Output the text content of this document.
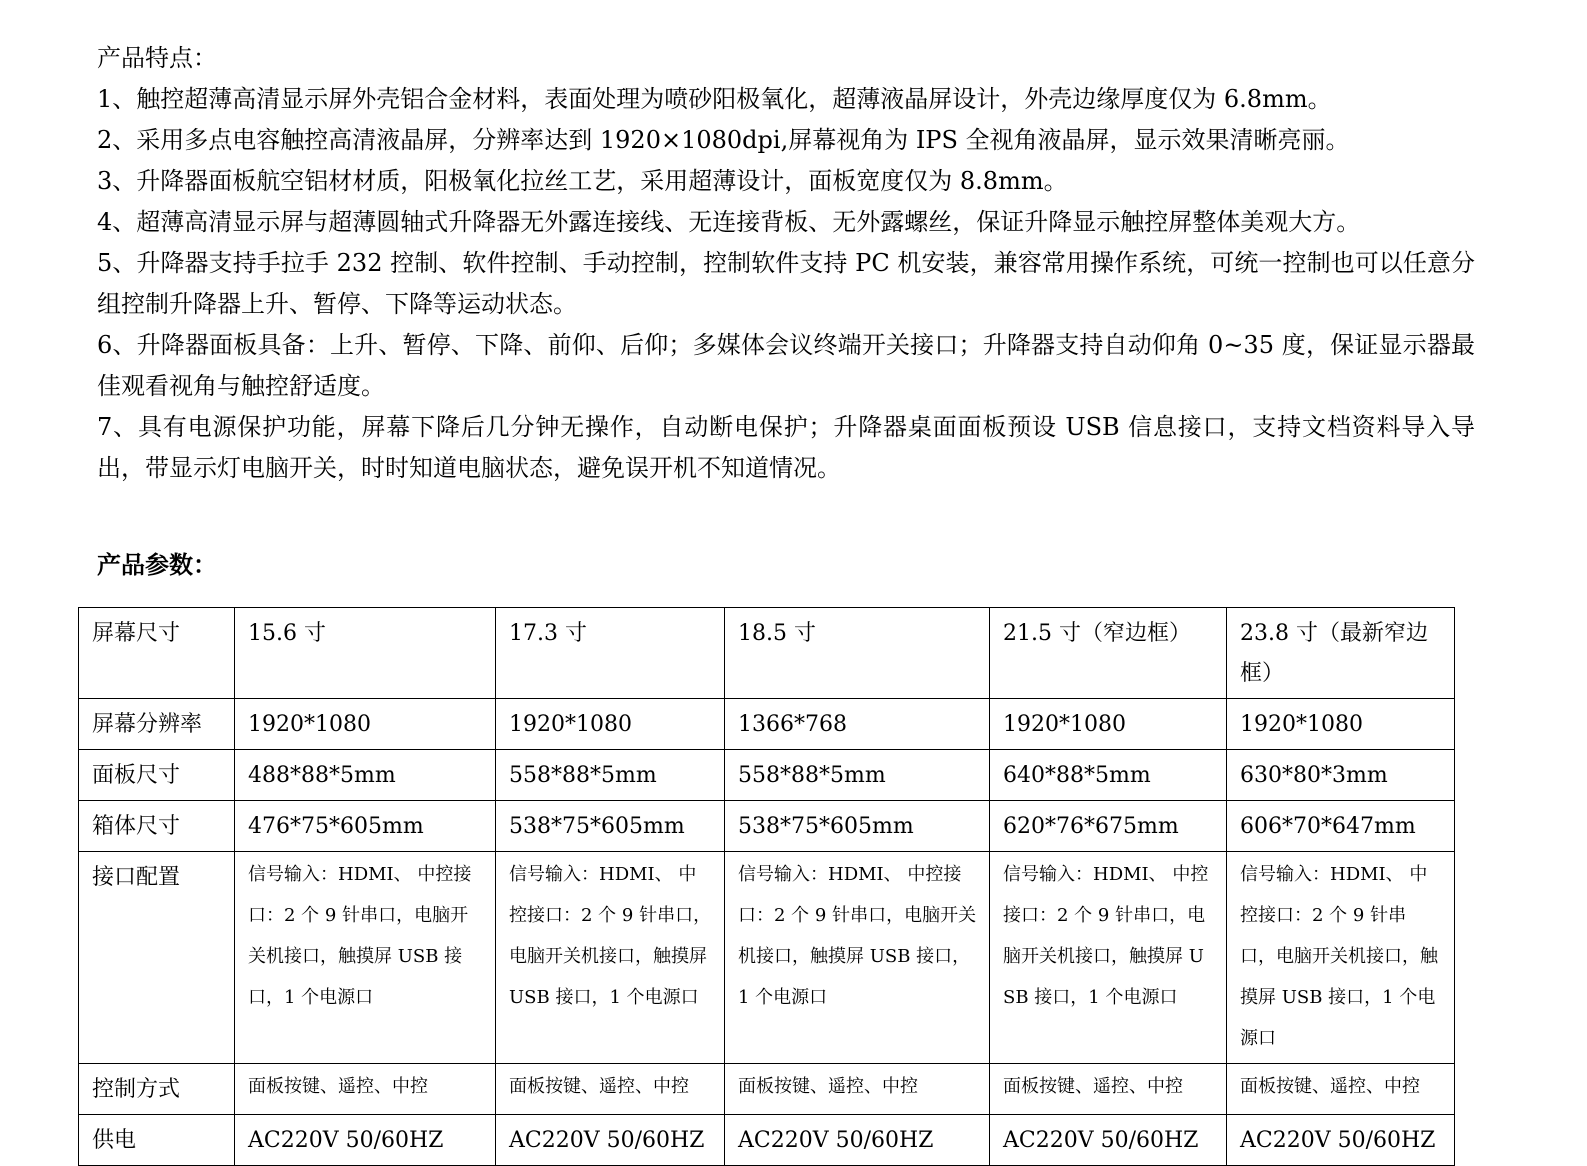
产品特点：
1、触控超薄高清显示屏外壳铝合金材料，表面处理为喷砂阳极氧化，超薄液晶屏设计，外壳边缘厚度仅为 6.8mm。
2、采用多点电容触控高清液晶屏，分辨率达到 1920×1080dpi,屏幕视角为 IPS 全视角液晶屏，显示效果清晰亮丽。
3、升降器面板航空铝材材质，阳极氧化拉丝工艺，采用超薄设计，面板宽度仅为 8.8mm。
4、超薄高清显示屏与超薄圆轴式升降器无外露连接线、无连接背板、无外露螺丝，保证升降显示触控屏整体美观大方。
5、升降器支持手拉手 232 控制、软件控制、手动控制，控制软件支持 PC 机安装，兼容常用操作系统，可统一控制也可以任意分组控制升降器上升、暂停、下降等运动状态。
6、升降器面板具备：上升、暂停、下降、前仰、后仰；多媒体会议终端开关接口；升降器支持自动仰角 0~35 度，保证显示器最佳观看视角与触控舒适度。
7、具有电源保护功能，屏幕下降后几分钟无操作，自动断电保护；升降器桌面面板预设 USB 信息接口，支持文档资料导入导出，带显示灯电脑开关，时时知道电脑状态，避免误开机不知道情况。
产品参数：
屏幕尺寸	15.6 寸	17.3 寸	18.5 寸	21.5 寸（窄边框）	23.8 寸（最新窄边框）
屏幕分辨率	1920*1080	1920*1080	1366*768	1920*1080	1920*1080
面板尺寸	488*88*5mm	558*88*5mm	558*88*5mm	640*88*5mm	630*80*3mm
箱体尺寸	476*75*605mm	538*75*605mm	538*75*605mm	620*76*675mm	606*70*647mm
接口配置	信号输入：HDMI、 中控接口：2 个 9 针串口，电脑开关机接口，触摸屏 USB 接口，1 个电源口	信号输入：HDMI、 中控接口：2 个 9 针串口，电脑开关机接口，触摸屏 USB 接口，1 个电源口	信号输入：HDMI、 中控接口：2 个 9 针串口，电脑开关机接口，触摸屏 USB 接口，1 个电源口	信号输入：HDMI、 中控接口：2 个 9 针串口，电脑开关机接口，触摸屏 USB 接口，1 个电源口	信号输入：HDMI、 中控接口：2 个 9 针串口，电脑开关机接口，触摸屏 USB 接口，1 个电源口
控制方式	面板按键、遥控、中控	面板按键、遥控、中控	面板按键、遥控、中控	面板按键、遥控、中控	面板按键、遥控、中控
供电	AC220V 50/60HZ	AC220V 50/60HZ	AC220V 50/60HZ	AC220V 50/60HZ	AC220V 50/60HZ
